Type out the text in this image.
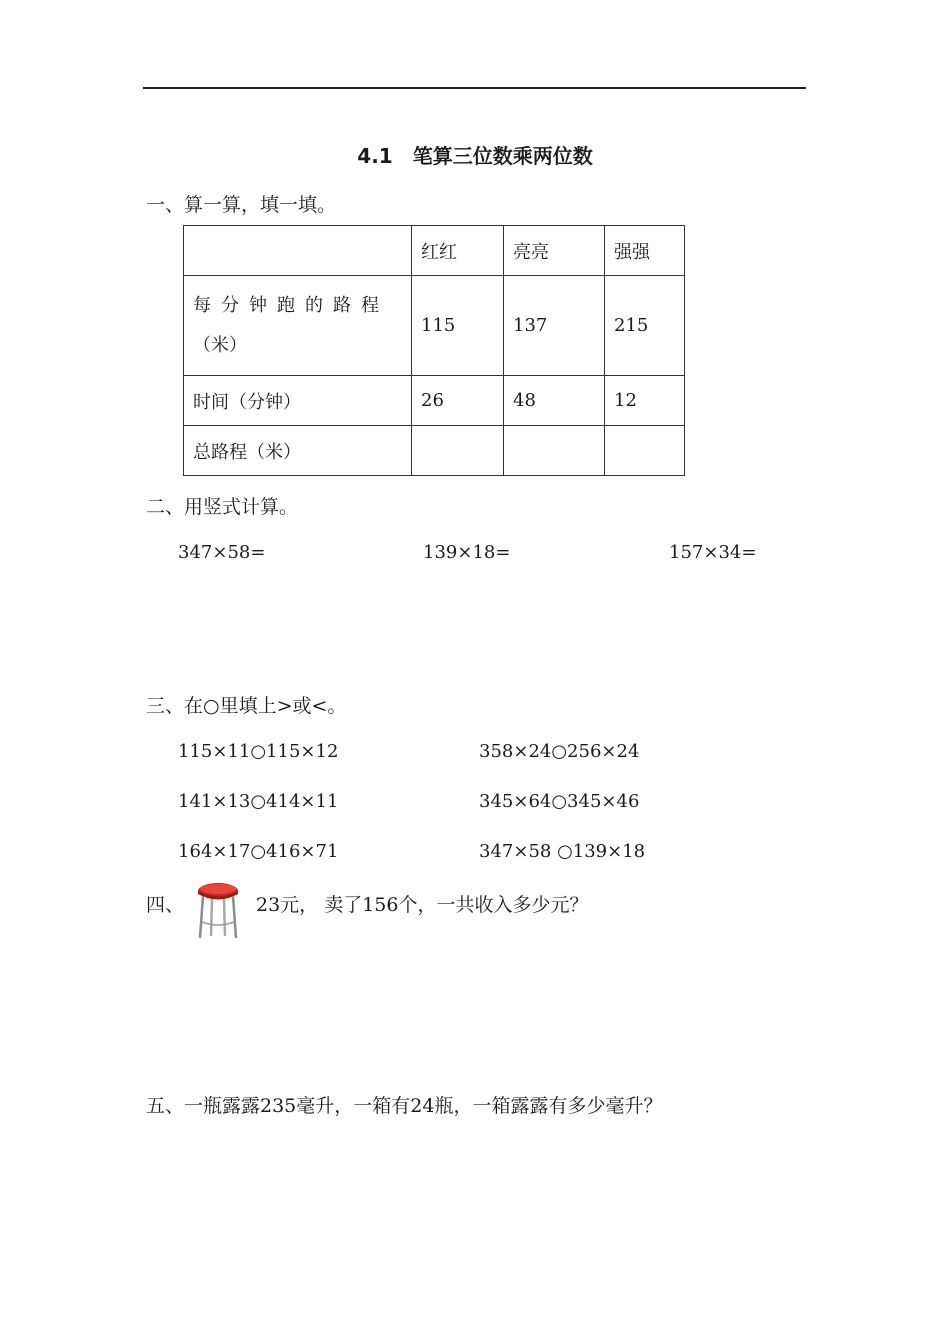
4.1　笔算三位数乘两位数
一、算一算，填一填。
	红红	亮亮	强强

每分钟跑的路程
（米）	115	137	215
时间（分钟）	26	48	12
总路程（米）			
二、用竖式计算。
347×58=	139×18=	157×34=
三、在○里填上>或<。
115×11○115×12
141×13○414×11
164×17○416×71
358×24○256×24
345×64○345×46
347×58 ○139×18
四、	23元， 卖了156个，一共收入多少元？
五、一瓶露露235毫升，一箱有24瓶，一箱露露有多少毫升？
